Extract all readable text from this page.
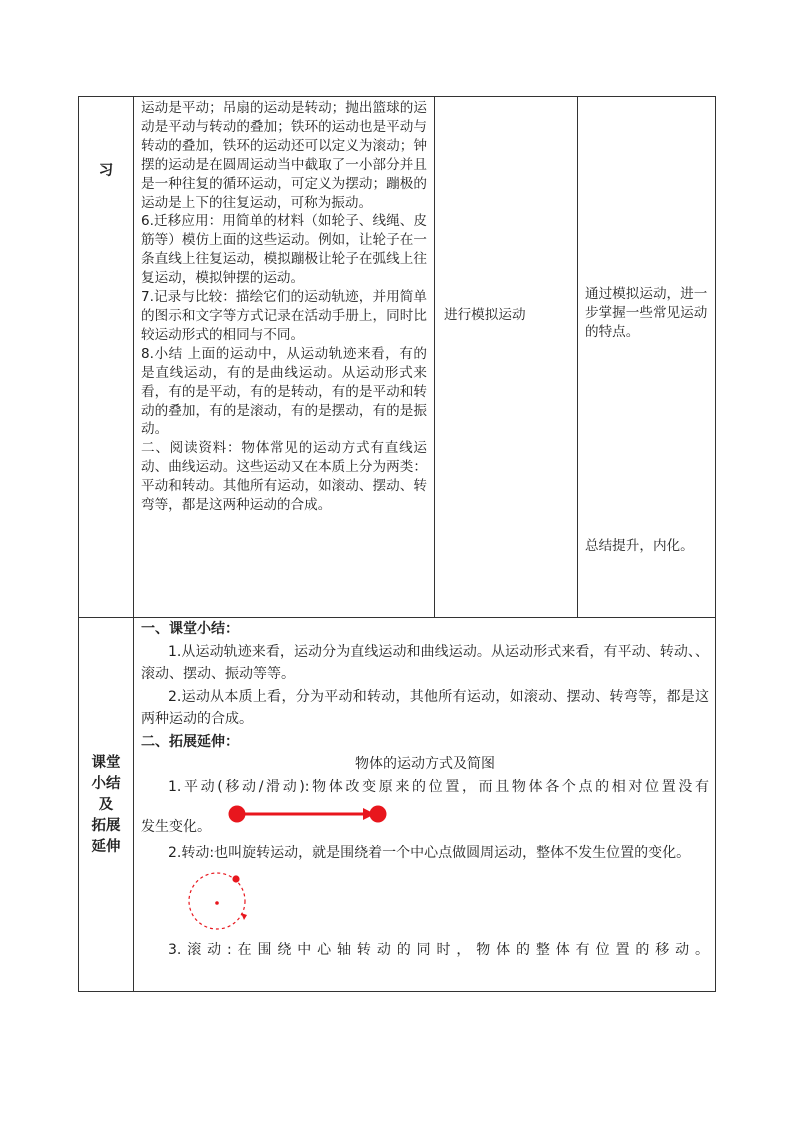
习

运动是平动；吊扇的运动是转动；抛出篮球的运动是平动与转动的叠加；铁环的运动也是平动与转动的叠加，铁环的运动还可以定义为滚动；钟摆的运动是在圆周运动当中截取了一小部分并且是一种往复的循环运动，可定义为摆动；蹦极的运动是上下的往复运动，可称为振动。

6.迁移应用：用简单的材料（如轮子、线绳、皮筋等）模仿上面的这些运动。例如，让轮子在一条直线上往复运动，模拟蹦极让轮子在弧线上往复运动，模拟钟摆的运动。

7.记录与比较：描绘它们的运动轨迹，并用简单的图示和文字等方式记录在活动手册上，同时比较运动形式的相同与不同。

8.小结 上面的运动中，从运动轨迹来看，有的是直线运动，有的是曲线运动。从运动形式来看，有的是平动，有的是转动，有的是平动和转动的叠加，有的是滚动，有的是摆动，有的是振动。

二、阅读资料：物体常见的运动方式有直线运动、曲线运动。这些运动又在本质上分为两类：平动和转动。其他所有运动，如滚动、摆动、转弯等，都是这两种运动的合成。

进行模拟运动
通过模拟运动，进一步掌握一些常见运动的特点。
总结提升，内化。
课堂
小结
及
拓展
延伸

一、课堂小结：

1.从运动轨迹来看，运动分为直线运动和曲线运动。从运动形式来看，有平动、转动、、滚动、摆动、振动等等。

2.运动从本质上看，分为平动和转动，其他所有运动，如滚动、摆动、转弯等，都是这两种运动的合成。

二、拓展延伸：

物体的运动方式及简图

1.平动(移动/滑动):物体改变原来的位置，而且物体各个点的相对位置没有

发生变化。

2.转动:也叫旋转运动，就是围绕着一个中心点做圆周运动，整体不发生位置的变化。

3.滚动:在围绕中心轴转动的同时，物体的整体有位置的移动。
